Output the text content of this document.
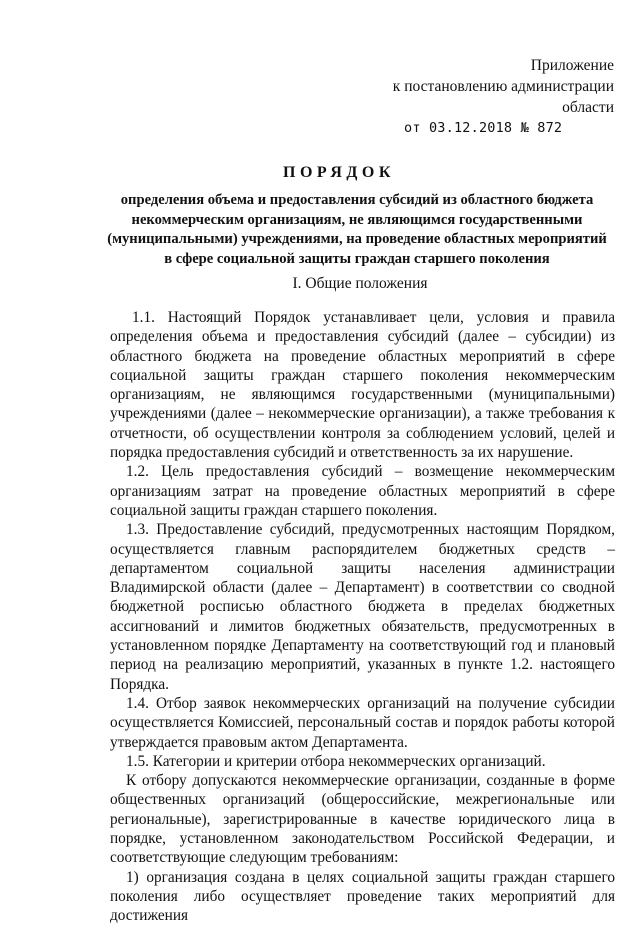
Приложение
к постановлению администрации
области
от 03.12.2018 № 872
ПОРЯДОК
определения объема и предоставления субсидий из областного бюджета некоммерческим организациям, не являющимся государственными (муниципальными) учреждениями, на проведение областных мероприятий в сфере социальной защиты граждан старшего поколения
I. Общие положения

1.1. Настоящий Порядок устанавливает цели, условия и правила определения объема и предоставления субсидий (далее – субсидии) из областного бюджета на проведение областных мероприятий в сфере социальной защиты граждан старшего поколения некоммерческим организациям, не являющимся государственными (муниципальными) учреждениями (далее – некоммерческие организации), а также требования к отчетности, об осуществлении контроля за соблюдением условий, целей и порядка предоставления субсидий и ответственность за их нарушение.

1.2. Цель предоставления субсидий – возмещение некоммерческим организациям затрат на проведение областных мероприятий в сфере социальной защиты граждан старшего поколения.

1.3. Предоставление субсидий, предусмотренных настоящим Порядком, осуществляется главным распорядителем бюджетных средств – департаментом социальной защиты населения администрации Владимирской области (далее – Департамент) в соответствии со сводной бюджетной росписью областного бюджета в пределах бюджетных ассигнований и лимитов бюджетных обязательств, предусмотренных в установленном порядке Департаменту на соответствующий год и плановый период на реализацию мероприятий, указанных в пункте 1.2. настоящего Порядка.

1.4. Отбор заявок некоммерческих организаций на получение субсидии осуществляется Комиссией, персональный состав и порядок работы которой утверждается правовым актом Департамента.

1.5. Категории и критерии отбора некоммерческих организаций.

К отбору допускаются некоммерческие организации, созданные в форме общественных организаций (общероссийские, межрегиональные или региональные), зарегистрированные в качестве юридического лица в порядке, установленном законодательством Российской Федерации, и соответствующие следующим требованиям:

1) организация создана в целях социальной защиты граждан старшего поколения либо осуществляет проведение таких мероприятий для достижения
